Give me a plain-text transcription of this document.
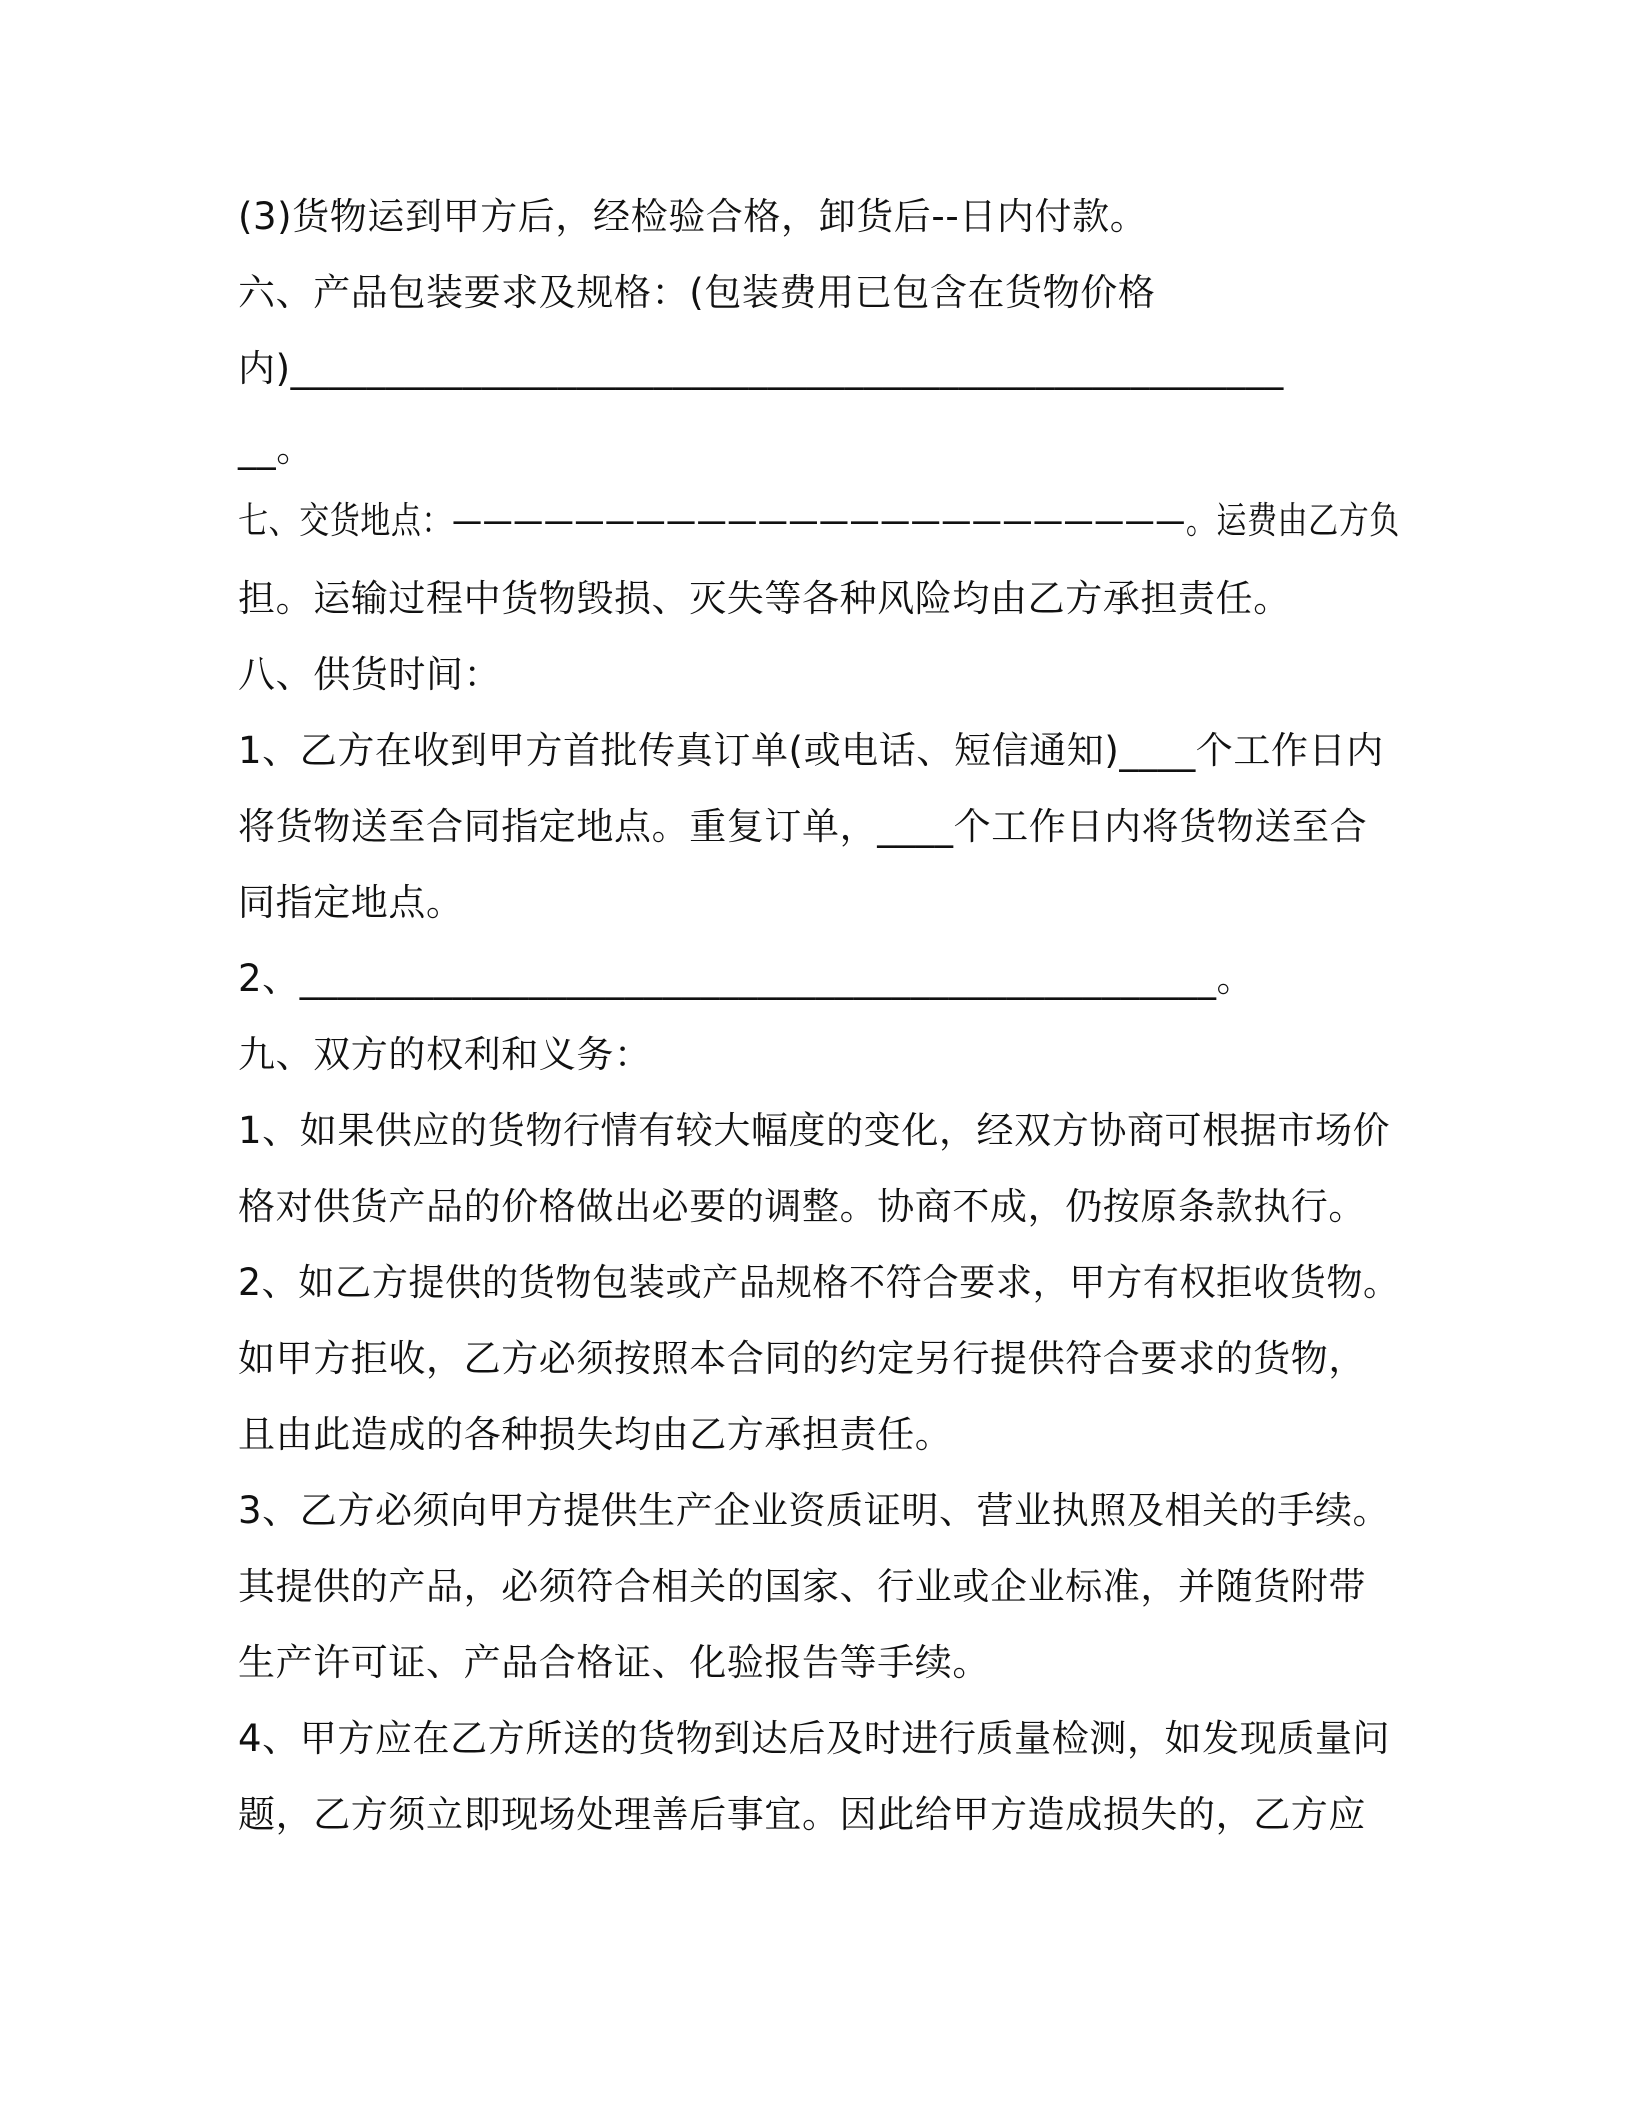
(3)货物运到甲方后，经检验合格，卸货后--日内付款。
六、产品包装要求及规格：(包装费用已包含在货物价格
内)____________________________________________________
__。
七、交货地点：————————————————————————。运费由乙方负
担。运输过程中货物毁损、灭失等各种风险均由乙方承担责任。
八、供货时间：
1、乙方在收到甲方首批传真订单(或电话、短信通知)____个工作日内
将货物送至合同指定地点。重复订单，____个工作日内将货物送至合
同指定地点。
2、________________________________________________。
九、双方的权利和义务：
1、如果供应的货物行情有较大幅度的变化，经双方协商可根据市场价
格对供货产品的价格做出必要的调整。协商不成，仍按原条款执行。
2、如乙方提供的货物包装或产品规格不符合要求，甲方有权拒收货物。
如甲方拒收，乙方必须按照本合同的约定另行提供符合要求的货物，
且由此造成的各种损失均由乙方承担责任。
3、乙方必须向甲方提供生产企业资质证明、营业执照及相关的手续。
其提供的产品，必须符合相关的国家、行业或企业标准，并随货附带
生产许可证、产品合格证、化验报告等手续。
4、甲方应在乙方所送的货物到达后及时进行质量检测，如发现质量问
题，乙方须立即现场处理善后事宜。因此给甲方造成损失的，乙方应
